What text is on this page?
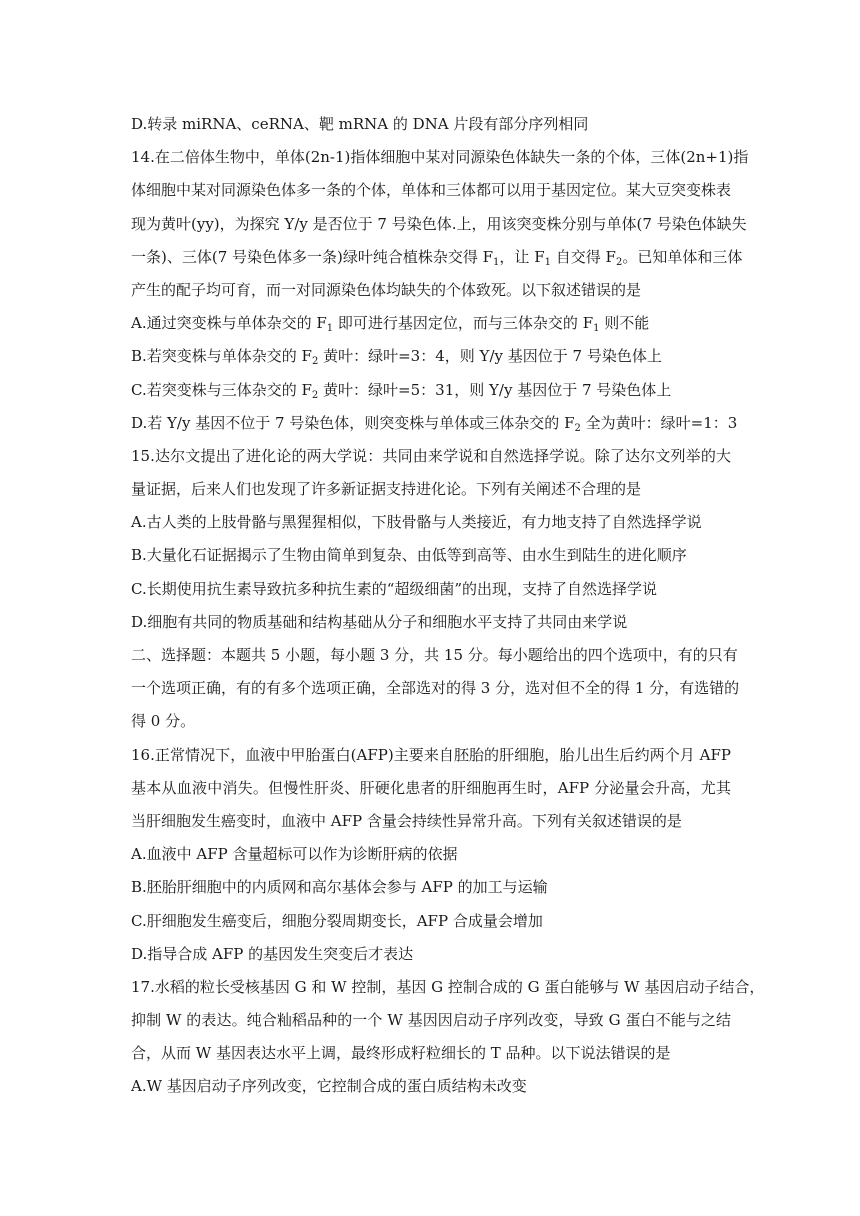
D.转录 miRNA、ceRNA、靶 mRNA 的 DNA 片段有部分序列相同
14.在二倍体生物中，单体(2n-1)指体细胞中某对同源染色体缺失一条的个体，三体(2n+1)指
体细胞中某对同源染色体多一条的个体，单体和三体都可以用于基因定位。某大豆突变株表
现为黄叶(yy)，为探究 Y/y 是否位于 7 号染色体.上，用该突变株分别与单体(7 号染色体缺失
一条)、三体(7 号染色体多一条)绿叶纯合植株杂交得 $F_1$，让 $F_1$ 自交得 $F_2$。已知单体和三体
产生的配子均可育，而一对同源染色体均缺失的个体致死。以下叙述错误的是
A.通过突变株与单体杂交的 $F_1$ 即可进行基因定位，而与三体杂交的 $F_1$ 则不能
B.若突变株与单体杂交的 $F_2$ 黄叶：绿叶=3：4，则 Y/y 基因位于 7 号染色体上
C.若突变株与三体杂交的 $F_2$ 黄叶：绿叶=5：31，则 Y/y 基因位于 7 号染色体上
D.若 Y/y 基因不位于 7 号染色体，则突变株与单体或三体杂交的 $F_2$ 全为黄叶：绿叶=1：3
15.达尔文提出了进化论的两大学说：共同由来学说和自然选择学说。除了达尔文列举的大
量证据，后来人们也发现了许多新证据支持进化论。下列有关阐述不合理的是
A.古人类的上肢骨骼与黑猩猩相似，下肢骨骼与人类接近，有力地支持了自然选择学说
B.大量化石证据揭示了生物由简单到复杂、由低等到高等、由水生到陆生的进化顺序
C.长期使用抗生素导致抗多种抗生素的“超级细菌”的出现，支持了自然选择学说
D.细胞有共同的物质基础和结构基础从分子和细胞水平支持了共同由来学说
二、选择题：本题共 5 小题，每小题 3 分，共 15 分。每小题给出的四个选项中，有的只有
一个选项正确，有的有多个选项正确，全部选对的得 3 分，选对但不全的得 1 分，有选错的
得 0 分。
16.正常情况下，血液中甲胎蛋白(AFP)主要来自胚胎的肝细胞，胎儿出生后约两个月 AFP
基本从血液中消失。但慢性肝炎、肝硬化患者的肝细胞再生时，AFP 分泌量会升高，尤其
当肝细胞发生癌变时，血液中 AFP 含量会持续性异常升高。下列有关叙述错误的是
A.血液中 AFP 含量超标可以作为诊断肝病的依据
B.胚胎肝细胞中的内质网和高尔基体会参与 AFP 的加工与运输
C.肝细胞发生癌变后，细胞分裂周期变长，AFP 合成量会增加
D.指导合成 AFP 的基因发生突变后才表达
17.水稻的粒长受核基因 G 和 W 控制，基因 G 控制合成的 G 蛋白能够与 W 基因启动子结合，
抑制 W 的表达。纯合籼稻品种的一个 W 基因因启动子序列改变，导致 G 蛋白不能与之结
合，从而 W 基因表达水平上调，最终形成籽粒细长的 T 品种。以下说法错误的是
A.W 基因启动子序列改变，它控制合成的蛋白质结构未改变
